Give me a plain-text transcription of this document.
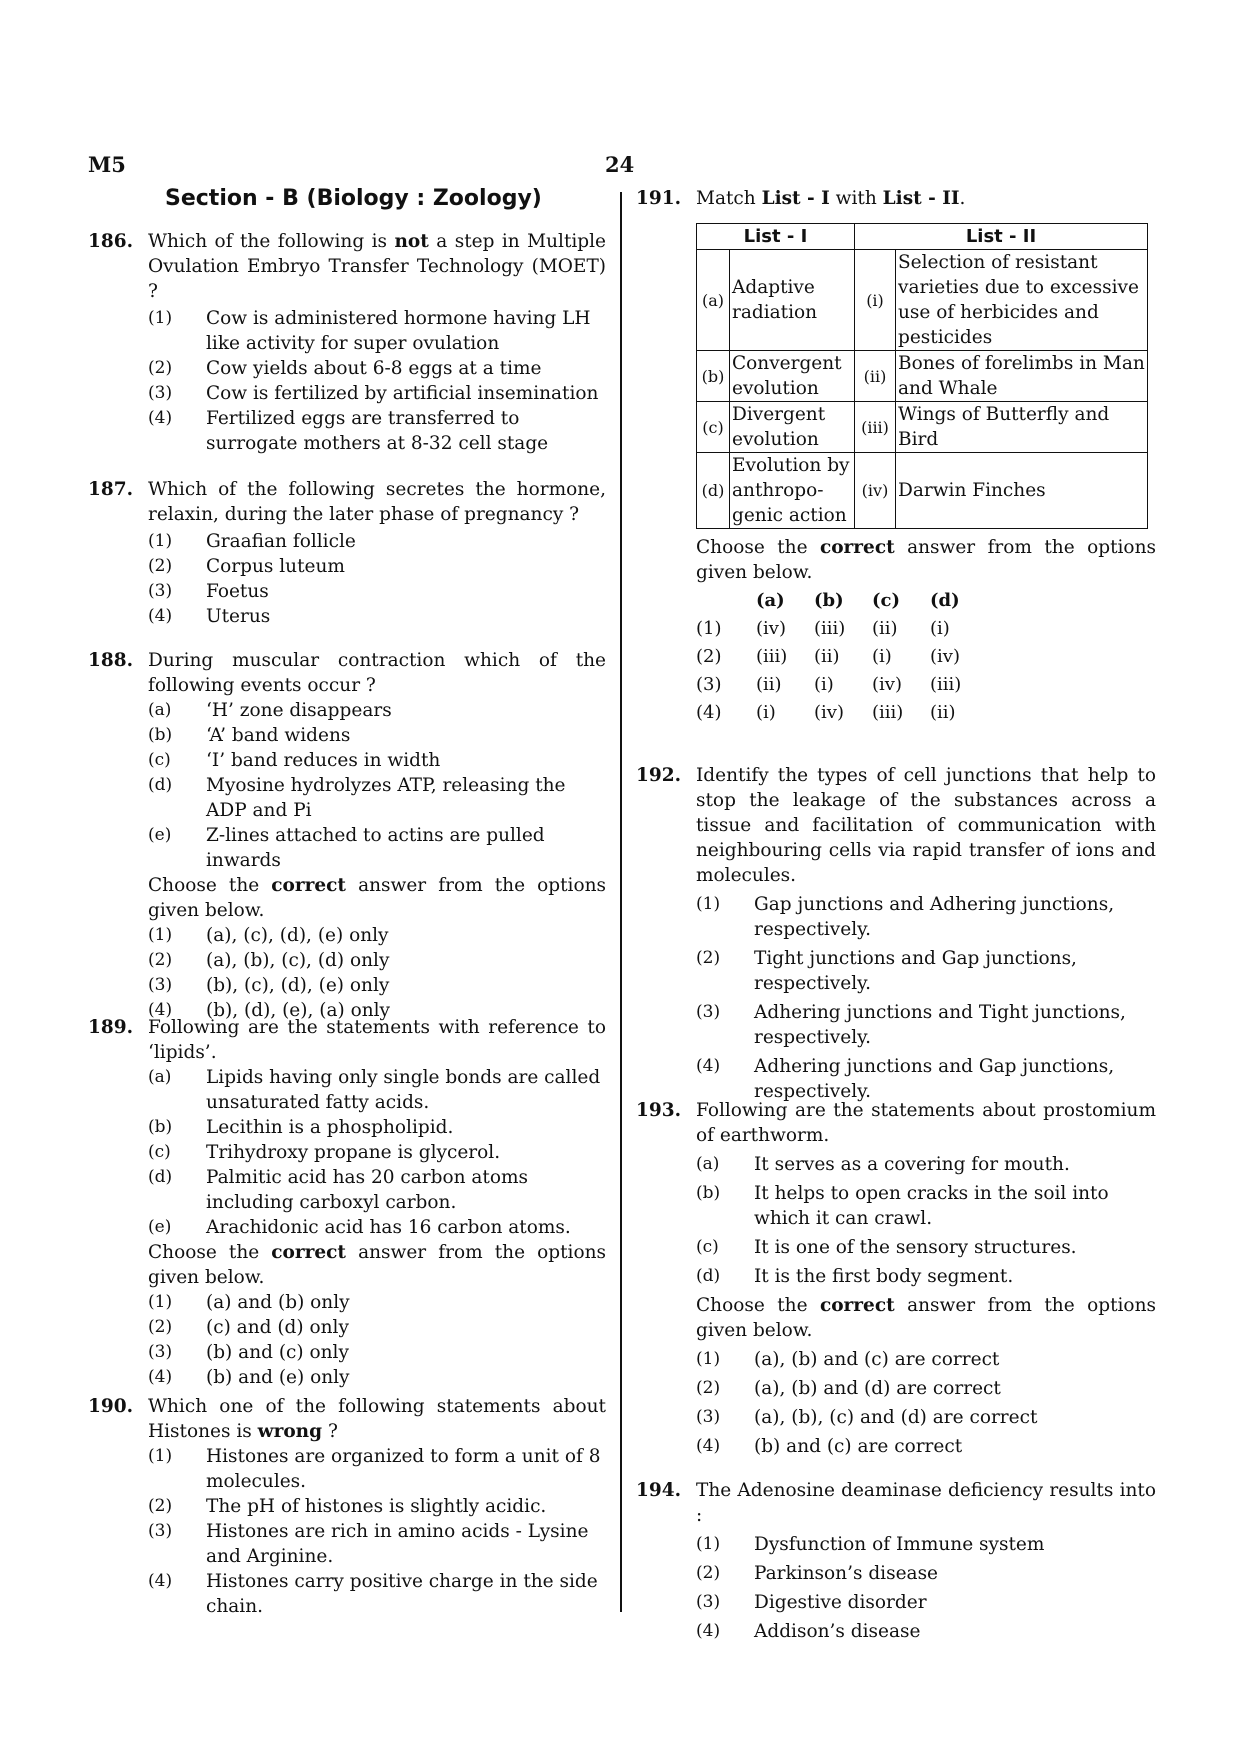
M5	24
Section - B (Biology : Zoology)
186. Which of the following is not a step in Multiple Ovulation Embryo Transfer Technology (MOET) ?
(1)	Cow is administered hormone having LH like activity for super ovulation
(2)	Cow yields about 6-8 eggs at a time
(3)	Cow is fertilized by artificial insemination
(4)	Fertilized eggs are transferred to surrogate mothers at 8-32 cell stage
187. Which of the following secretes the hormone, relaxin, during the later phase of pregnancy ?
(1)	Graafian follicle
(2)	Corpus luteum
(3)	Foetus
(4)	Uterus
188. During muscular contraction which of the following events occur ?
(a)	‘H’ zone disappears
(b)	‘A’ band widens
(c)	‘I’ band reduces in width
(d)	Myosine hydrolyzes ATP, releasing the ADP and Pi
(e)	Z-lines attached to actins are pulled inwards
Choose the correct answer from the options given below.
(1)	(a), (c), (d), (e) only
(2)	(a), (b), (c), (d) only
(3)	(b), (c), (d), (e) only
(4)	(b), (d), (e), (a) only
189. Following are the statements with reference to ‘lipids’.
(a)	Lipids having only single bonds are called unsaturated fatty acids.
(b)	Lecithin is a phospholipid.
(c)	Trihydroxy propane is glycerol.
(d)	Palmitic acid has 20 carbon atoms including carboxyl carbon.
(e)	Arachidonic acid has 16 carbon atoms.
Choose the correct answer from the options given below.
(1)	(a) and (b) only
(2)	(c) and (d) only
(3)	(b) and (c) only
(4)	(b) and (e) only
190. Which one of the following statements about Histones is wrong ?
(1)	Histones are organized to form a unit of 8 molecules.
(2)	The pH of histones is slightly acidic.
(3)	Histones are rich in amino acids - Lysine and Arginine.
(4)	Histones carry positive charge in the side chain.
191. Match List - I with List - II.
List - I		List - II	
(a)	Adaptive radiation	(i)	Selection of resistant varieties due to excessive use of herbicides and pesticides
(b)	Convergent evolution	(ii)	Bones of forelimbs in Man and Whale
(c)	Divergent evolution	(iii)	Wings of Butterfly and Bird
(d)	Evolution by anthropo-genic action	(iv)	Darwin Finches
Choose the correct answer from the options given below.
(a)	(b)	(c)	(d)
(1)	(iv)	(iii)	(ii)	(i)
(2)	(iii)	(ii)	(i)	(iv)
(3)	(ii)	(i)	(iv)	(iii)
(4)	(i)	(iv)	(iii)	(ii)
192. Identify the types of cell junctions that help to stop the leakage of the substances across a tissue and facilitation of communication with neighbouring cells via rapid transfer of ions and molecules.
(1)	Gap junctions and Adhering junctions, respectively.
(2)	Tight junctions and Gap junctions, respectively.
(3)	Adhering junctions and Tight junctions, respectively.
(4)	Adhering junctions and Gap junctions, respectively.
193. Following are the statements about prostomium of earthworm.
(a)	It serves as a covering for mouth.
(b)	It helps to open cracks in the soil into which it can crawl.
(c)	It is one of the sensory structures.
(d)	It is the first body segment.
Choose the correct answer from the options given below.
(1)	(a), (b) and (c) are correct
(2)	(a), (b) and (d) are correct
(3)	(a), (b), (c) and (d) are correct
(4)	(b) and (c) are correct
194. The Adenosine deaminase deficiency results into :
(1)	Dysfunction of Immune system
(2)	Parkinson’s disease
(3)	Digestive disorder
(4)	Addison’s disease
